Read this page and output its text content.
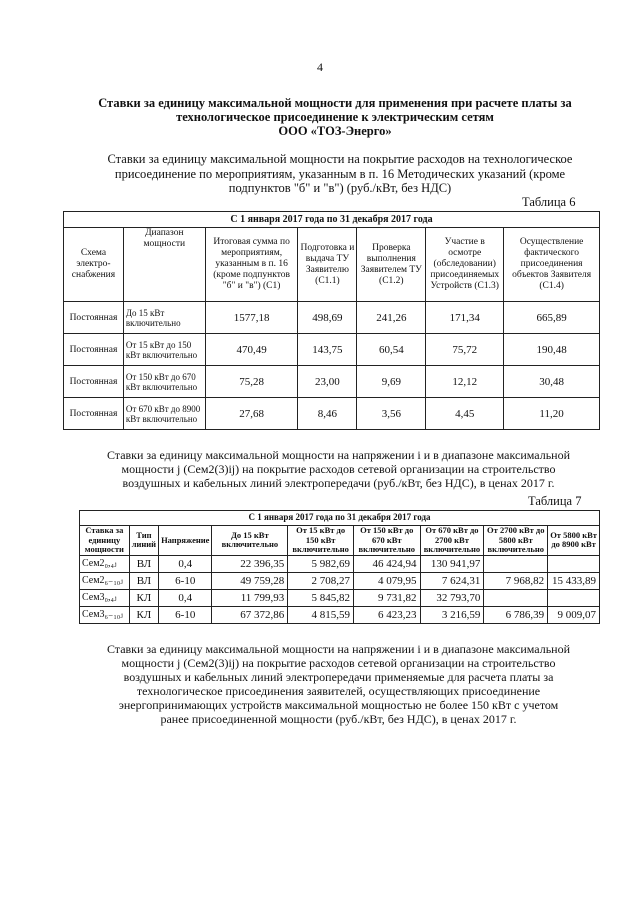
4
Ставки за единицу максимальной мощности для применения при расчете платы за
технологическое присоединение к электрическим сетям
ООО «ТОЗ-Энерго»
Ставки за единицу максимальной мощности на покрытие расходов на технологическое
присоединение по мероприятиям, указанным в п. 16 Методических указаний (кроме
подпунктов "б" и "в") (руб./кВт, без НДС)
Таблица 6
С 1 января 2017 года по 31 декабря 2017 года						
Схема электро-снабжения	Диапазон мощности	Итоговая сумма по мероприятиям, указанным в п. 16 (кроме подпунктов "б" и "в") (С1)	Подготовка и выдача ТУ Заявителю (С1.1)	Проверка выполнения Заявителем ТУ (С1.2)	Участие в осмотре (обследовании) присоединяемых Устройств (С1.3)	Осуществление фактического присоединения объектов Заявителя (С1.4)
Постоянная	До 15 кВт включительно	1577,18	498,69	241,26	171,34	665,89
Постоянная	От 15 кВт до 150 кВт включительно	470,49	143,75	60,54	75,72	190,48
Постоянная	От 150 кВт до 670 кВт включительно	75,28	23,00	9,69	12,12	30,48
Постоянная	От 670 кВт до 8900 кВт включительно	27,68	8,46	3,56	4,45	11,20
Ставки за единицу максимальной мощности на напряжении i и в диапазоне максимальной
мощности j (Сем2(3)ij) на покрытие расходов сетевой организации на строительство
воздушных и кабельных линий электропередачи (руб./кВт, без НДС), в ценах 2017 г.
Таблица 7
С 1 января 2017 года по 31 декабря 2017 года								
Ставка за единицу мощности	Тип линий	Напряжение	До 15 кВт включительно	От 15 кВт до 150 кВт включительно	От 150 кВт до 670 кВт включительно	От 670 кВт до 2700 кВт включительно	От 2700 кВт до 5800 кВт включительно	От 5800 кВт до 8900 кВт
Сем2₀,₄ⱼ	ВЛ	0,4	22 396,35	5 982,69	46 424,94	130 941,97		
Сем2₆₋₁₀ⱼ	ВЛ	6-10	49 759,28	2 708,27	4 079,95	7 624,31	7 968,82	15 433,89
Сем3₀,₄ⱼ	КЛ	0,4	11 799,93	5 845,82	9 731,82	32 793,70		
Сем3₆₋₁₀ⱼ	КЛ	6-10	67 372,86	4 815,59	6 423,23	3 216,59	6 786,39	9 009,07
Ставки за единицу максимальной мощности на напряжении i и в диапазоне максимальной
мощности j (Сем2(3)ij) на покрытие расходов сетевой организации на строительство
воздушных и кабельных линий электропередачи применяемые для расчета платы за
технологическое присоединения заявителей, осуществляющих присоединение
энергопринимающих устройств максимальной мощностью не более 150 кВт с учетом
ранее присоединенной мощности (руб./кВт, без НДС), в ценах 2017 г.
